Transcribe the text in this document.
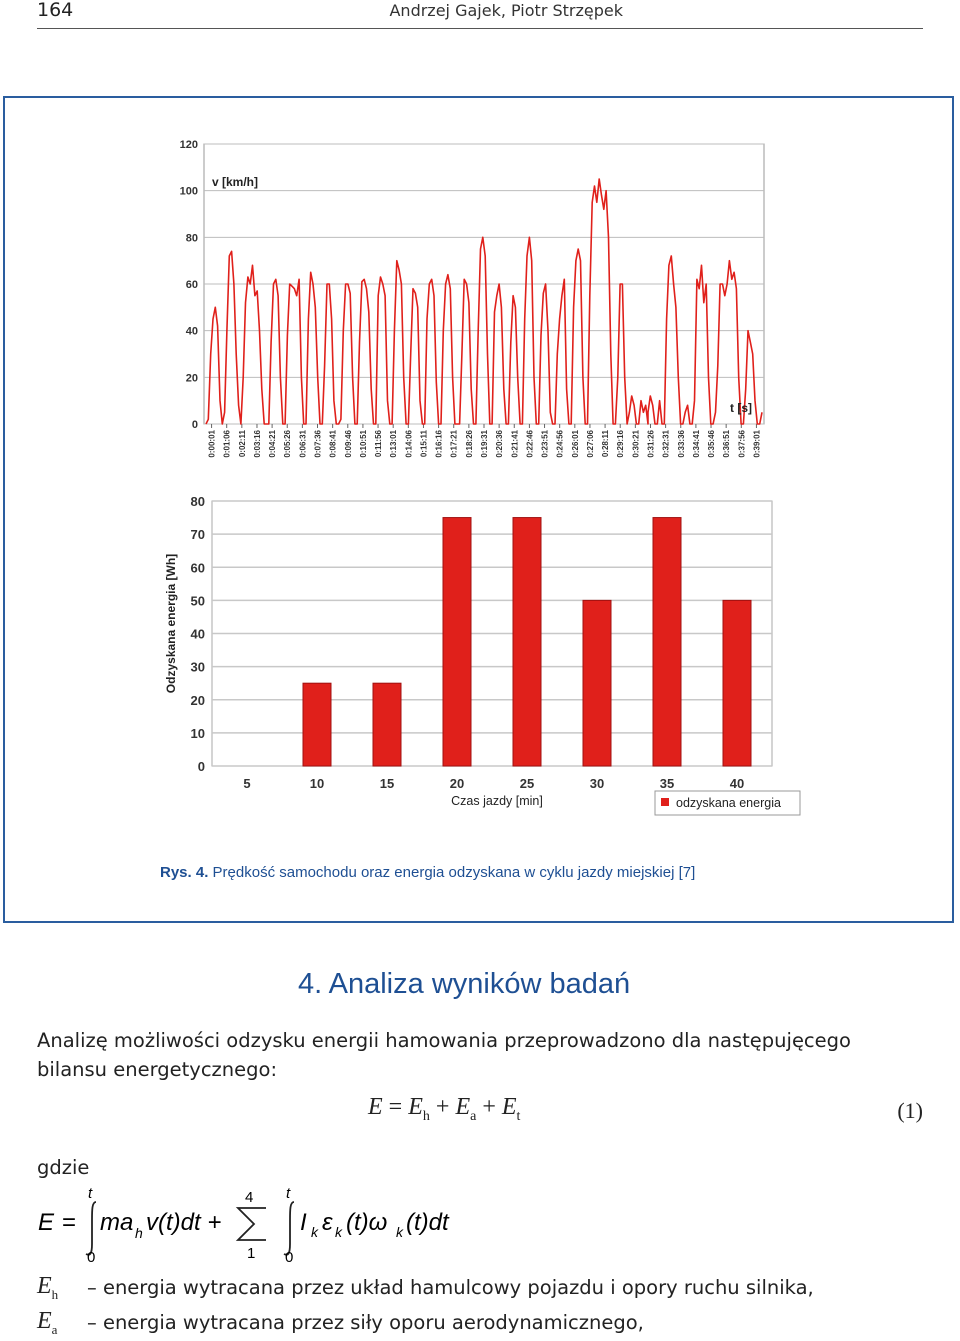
164	Andrzej Gajek, Piotr Strzępek
0
20
40
60
80
100
120
0:00:01 0:01:06 0:02:11 0:03:16 0:04:21 0:05:26 0:06:31 0:07:36 0:08:41 0:09:46 0:10:51 0:11:56 0:13:01 0:14:06 0:15:11 0:16:16 0:17:21 0:18:26 0:19:31 0:20:36 0:21:41 0:22:46 0:23:51 0:24:56 0:26:01 0:27:06 0:28:11 0:29:16 0:30:21 0:31:26 0:32:31 0:33:36 0:34:41 0:35:46 0:36:51 0:37:56 0:39:01
v [km/h]
t [s]
0
10
20
30
40
50
60
70
80
5	10	15	20	25	30	35	40
Odzyskana energia [Wh]
Czas jazdy [min]	odzyskana energia
Rys. 4. Prędkość samochodu oraz energia odzyskana w cyklu jazdy miejskiej [7]
4. Analiza wyników badań
Analizę możliwości odzysku energii hamowania przeprowadzono dla następujęcego bilansu energetycznego:
$E = E_h + E_a + E_t$	(1)
gdzie
E =
t
0
ma h v(t)dt +
4
1
t
0
I k ε k (t)ω k (t)dt
$E_h$ – energia wytracana przez układ hamulcowy pojazdu i opory ruchu silnika,
$E_a$ – energia wytracana przez siły oporu aerodynamicznego,
